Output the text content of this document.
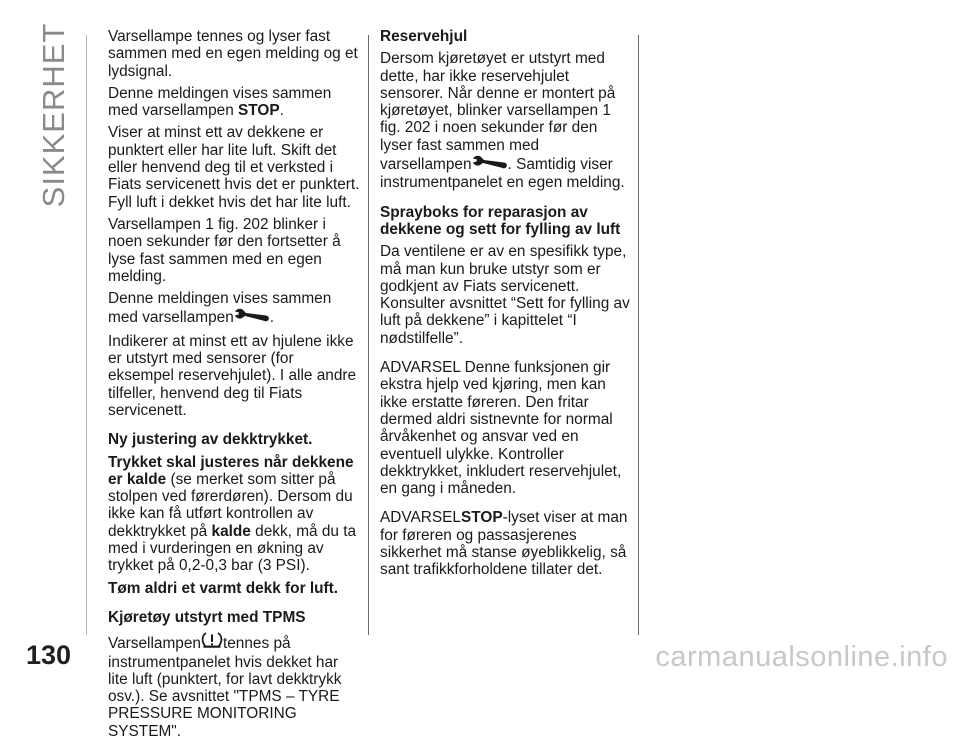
SIKKERHET Varsellampe tennes og lyser fast sammen med en egen melding og et lydsignal.

Denne meldingen vises sammen med varsellampen STOP.

Viser at minst ett av dekkene er punktert eller har lite luft. Skift det eller henvend deg til et verksted i Fiats servicenett hvis det er punktert. Fyll luft i dekket hvis det har lite luft.

Varsellampen 1 fig. 202 blinker i noen sekunder før den fortsetter å lyse fast sammen med en egen melding.

Denne meldingen vises sammen med varsellampen .

Indikerer at minst ett av hjulene ikke er utstyrt med sensorer (for eksempel reservehjulet). I alle andre tilfeller, henvend deg til Fiats servicenett.

Ny justering av dekktrykket.

Trykket skal justeres når dekkene er kalde (se merket som sitter på stolpen ved førerdøren). Dersom du ikke kan få utført kontrollen av dekktrykket på kalde dekk, må du ta med i vurderingen en økning av trykket på 0,2-0,3 bar (3 PSI).

Tøm aldri et varmt dekk for luft.

Kjøretøy utstyrt med TPMS

Varsellampen tennes på instrumentpanelet hvis dekket har lite luft (punktert, for lavt dekktrykk osv.). Se avsnittet "TPMS – TYRE PRESSURE MONITORING SYSTEM".

Reservehjul

Dersom kjøretøyet er utstyrt med dette, har ikke reservehjulet sensorer. Når denne er montert på kjøretøyet, blinker varsellampen 1 fig. 202 i noen sekunder før den lyser fast sammen med varsellampen . Samtidig viser instrumentpanelet en egen melding.

Sprayboks for reparasjon av dekkene og sett for fylling av luft

Da ventilene er av en spesifikk type, må man kun bruke utstyr som er godkjent av Fiats servicenett. Konsulter avsnittet “Sett for fylling av luft på dekkene” i kapittelet “I nødstilfelle”.

ADVARSEL Denne funksjonen gir ekstra hjelp ved kjøring, men kan ikke erstatte føreren. Den fritar dermed aldri sistnevnte for normal årvåkenhet og ansvar ved en eventuell ulykke. Kontroller dekktrykket, inkludert reservehjulet, en gang i måneden.

ADVARSELSTOP-lyset viser at man for føreren og passasjerenes sikkerhet må stanse øyeblikkelig, så sant trafikkforholdene tillater det.

130	carmanualsonline.info
